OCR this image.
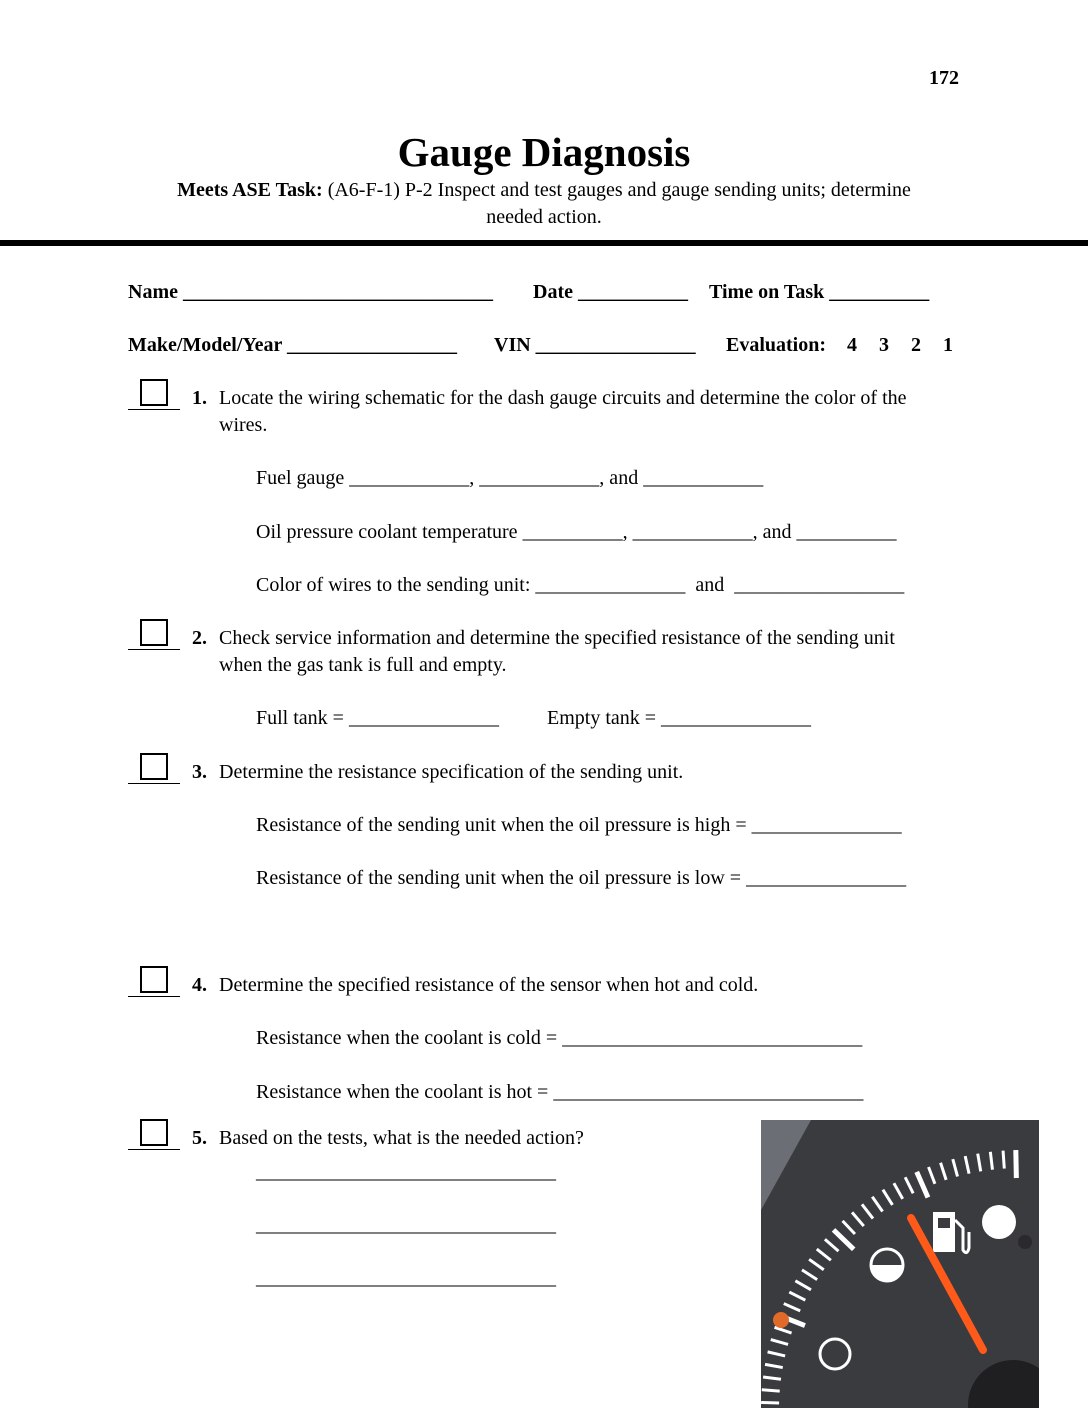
172
Gauge Diagnosis
Meets ASE Task: (A6-F-1) P-2 Inspect and test gauges and gauge sending units; determine
needed action.
Name _______________________________ Date ___________ Time on Task __________
Make/Model/Year _________________ VIN ________________ Evaluation: 4 3 2 1
1. Locate the wiring schematic for the dash gauge circuits and determine the color of the
wires.
Fuel gauge ____________, ____________, and ____________
Oil pressure coolant temperature __________, ____________, and __________
Color of wires to the sending unit: _______________  and  _________________
2. Check service information and determine the specified resistance of the sending unit
when the gas tank is full and empty.
Full tank = _______________ Empty tank = _______________
3. Determine the resistance specification of the sending unit.
Resistance of the sending unit when the oil pressure is high = _______________
Resistance of the sending unit when the oil pressure is low = ________________
4. Determine the specified resistance of the sensor when hot and cold.
Resistance when the coolant is cold = ______________________________
Resistance when the coolant is hot = _______________________________
5. Based on the tests, what is the needed action?
______________________________
______________________________
______________________________
